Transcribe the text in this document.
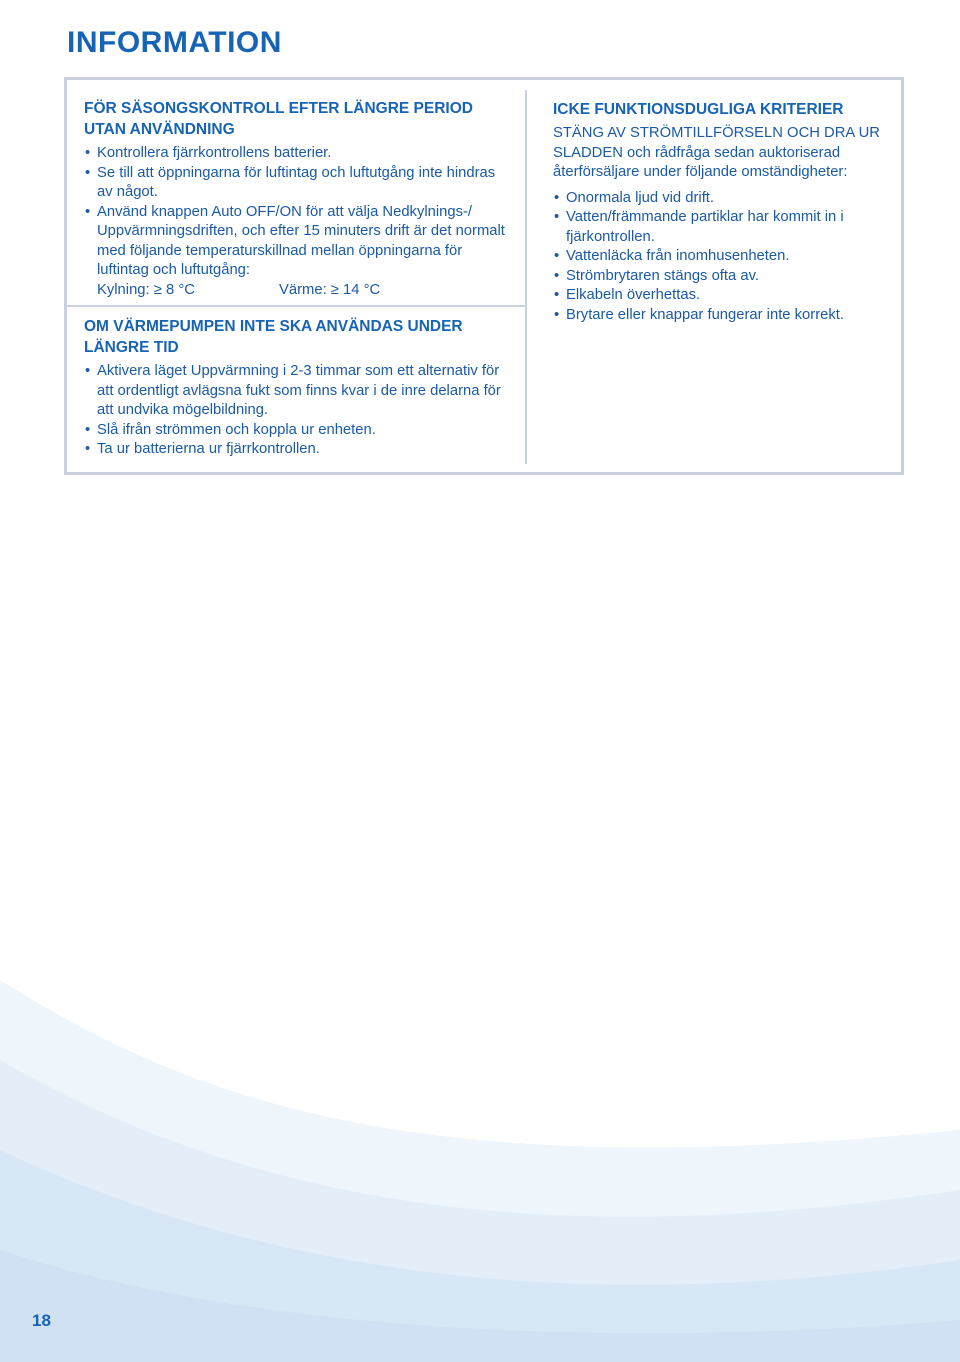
INFORMATION
FÖR SÄSONGSKONTROLL EFTER LÄNGRE PERIOD UTAN ANVÄNDNING
• Kontrollera fjärrkontrollens batterier.
• Se till att öppningarna för luftintag och luftutgång inte hindras av något.
• Använd knappen Auto OFF/ON för att välja Nedkylnings-/ Uppvärmningsdriften, och efter 15 minuters drift är det normalt med följande temperaturskillnad mellan öppningarna för luftintag och luftutgång:
Kylning: ≥ 8 °C	Värme: ≥ 14 °C
OM VÄRMEPUMPEN INTE SKA ANVÄNDAS UNDER LÄNGRE TID
• Aktivera läget Uppvärmning i 2-3 timmar som ett alternativ för att ordentligt avlägsna fukt som finns kvar i de inre delarna för att undvika mögelbildning.
• Slå ifrån strömmen och koppla ur enheten.
• Ta ur batterierna ur fjärrkontrollen.
ICKE FUNKTIONSDUGLIGA KRITERIER

STÄNG AV STRÖMTILLFÖRSELN OCH DRA UR SLADDEN och rådfråga sedan auktoriserad återförsäljare under följande omständigheter:

• Onormala ljud vid drift.
• Vatten/främmande partiklar har kommit in i fjärkontrollen.
• Vattenläcka från inomhusenheten.
• Strömbrytaren stängs ofta av.
• Elkabeln överhettas.
• Brytare eller knappar fungerar inte korrekt.
18
